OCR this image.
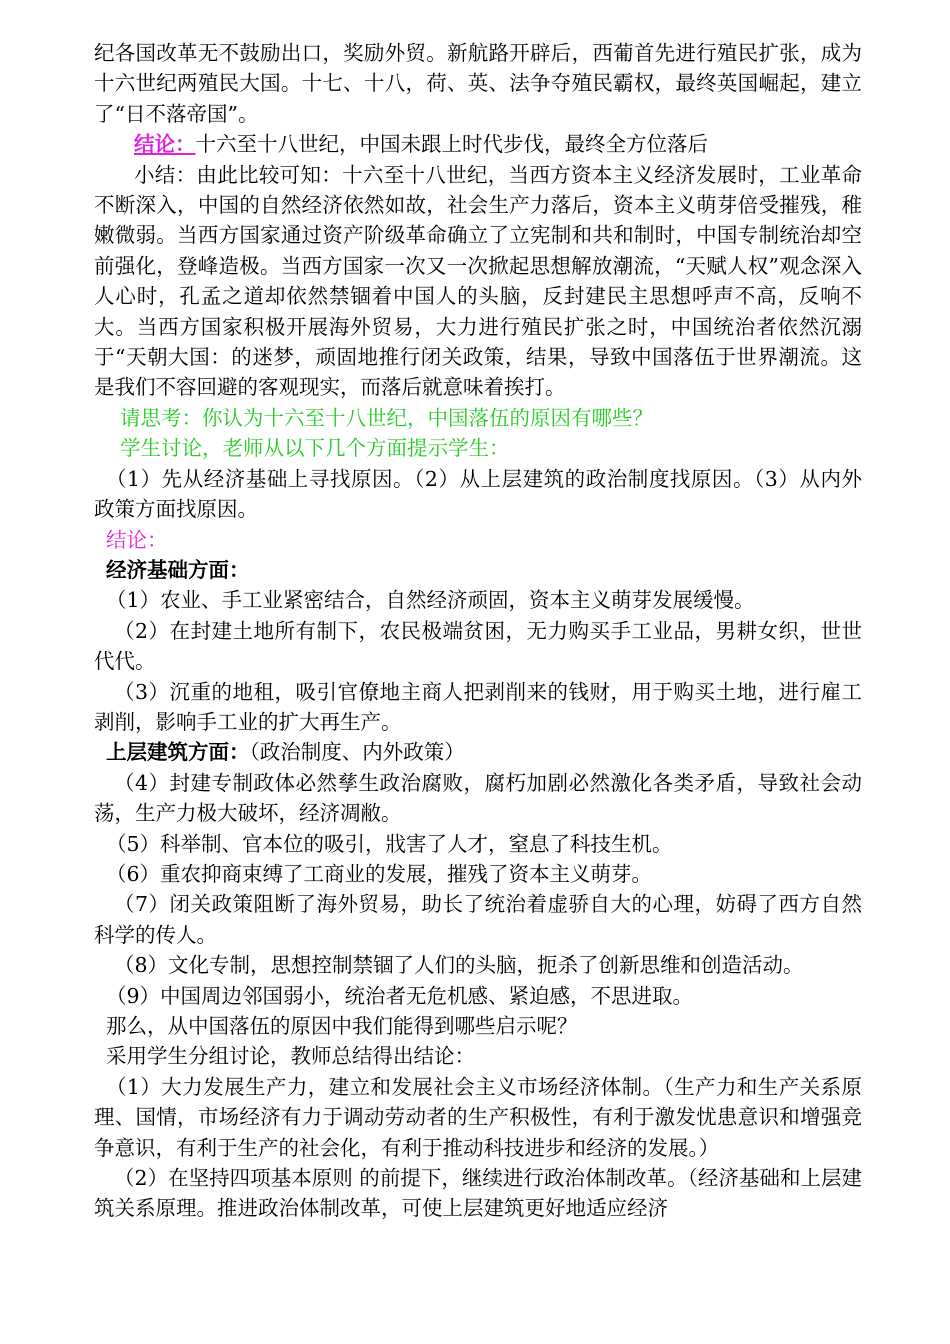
纪各国改革无不鼓励出口，奖励外贸。新航路开辟后，西葡首先进行殖民扩张，成为十六世纪两殖民大国。十七、十八，荷、英、法争夺殖民霸权，最终英国崛起，建立了“日不落帝国”。

结论：十六至十八世纪，中国未跟上时代步伐，最终全方位落后

小结：由此比较可知：十六至十八世纪，当西方资本主义经济发展时，工业革命不断深入，中国的自然经济依然如故，社会生产力落后，资本主义萌芽倍受摧残，稚嫩微弱。当西方国家通过资产阶级革命确立了立宪制和共和制时，中国专制统治却空前强化，登峰造极。当西方国家一次又一次掀起思想解放潮流，“天赋人权”观念深入人心时，孔孟之道却依然禁锢着中国人的头脑，反封建民主思想呼声不高，反响不大。当西方国家积极开展海外贸易，大力进行殖民扩张之时，中国统治者依然沉溺于“天朝大国：的迷梦，顽固地推行闭关政策，结果，导致中国落伍于世界潮流。这是我们不容回避的客观现实，而落后就意味着挨打。

请思考：你认为十六至十八世纪，中国落伍的原因有哪些？

学生讨论，老师从以下几个方面提示学生：

（1）先从经济基础上寻找原因。（2）从上层建筑的政治制度找原因。（3）从内外政策方面找原因。

结论：

经济基础方面：

（1）农业、手工业紧密结合，自然经济顽固，资本主义萌芽发展缓慢。

（2）在封建土地所有制下，农民极端贫困，无力购买手工业品，男耕女织，世世代代。

（3）沉重的地租，吸引官僚地主商人把剥削来的钱财，用于购买土地，进行雇工剥削，影响手工业的扩大再生产。

上层建筑方面：（政治制度、内外政策）

（4）封建专制政体必然孳生政治腐败，腐朽加剧必然激化各类矛盾，导致社会动荡，生产力极大破坏，经济凋敝。

（5）科举制、官本位的吸引，戕害了人才，窒息了科技生机。

（6）重农抑商束缚了工商业的发展，摧残了资本主义萌芽。

（7）闭关政策阻断了海外贸易，助长了统治着虚骄自大的心理，妨碍了西方自然科学的传人。

（8）文化专制，思想控制禁锢了人们的头脑，扼杀了创新思维和创造活动。

（9）中国周边邻国弱小，统治者无危机感、紧迫感，不思进取。

那么，从中国落伍的原因中我们能得到哪些启示呢？

采用学生分组讨论，教师总结得出结论：

（1）大力发展生产力，建立和发展社会主义市场经济体制。（生产力和生产关系原理、国情，市场经济有力于调动劳动者的生产积极性，有利于激发忧患意识和增强竞争意识，有利于生产的社会化，有利于推动科技进步和经济的发展。）

（2）在坚持四项基本原则 的前提下，继续进行政治体制改革。（经济基础和上层建筑关系原理。推进政治体制改革，可使上层建筑更好地适应经济
